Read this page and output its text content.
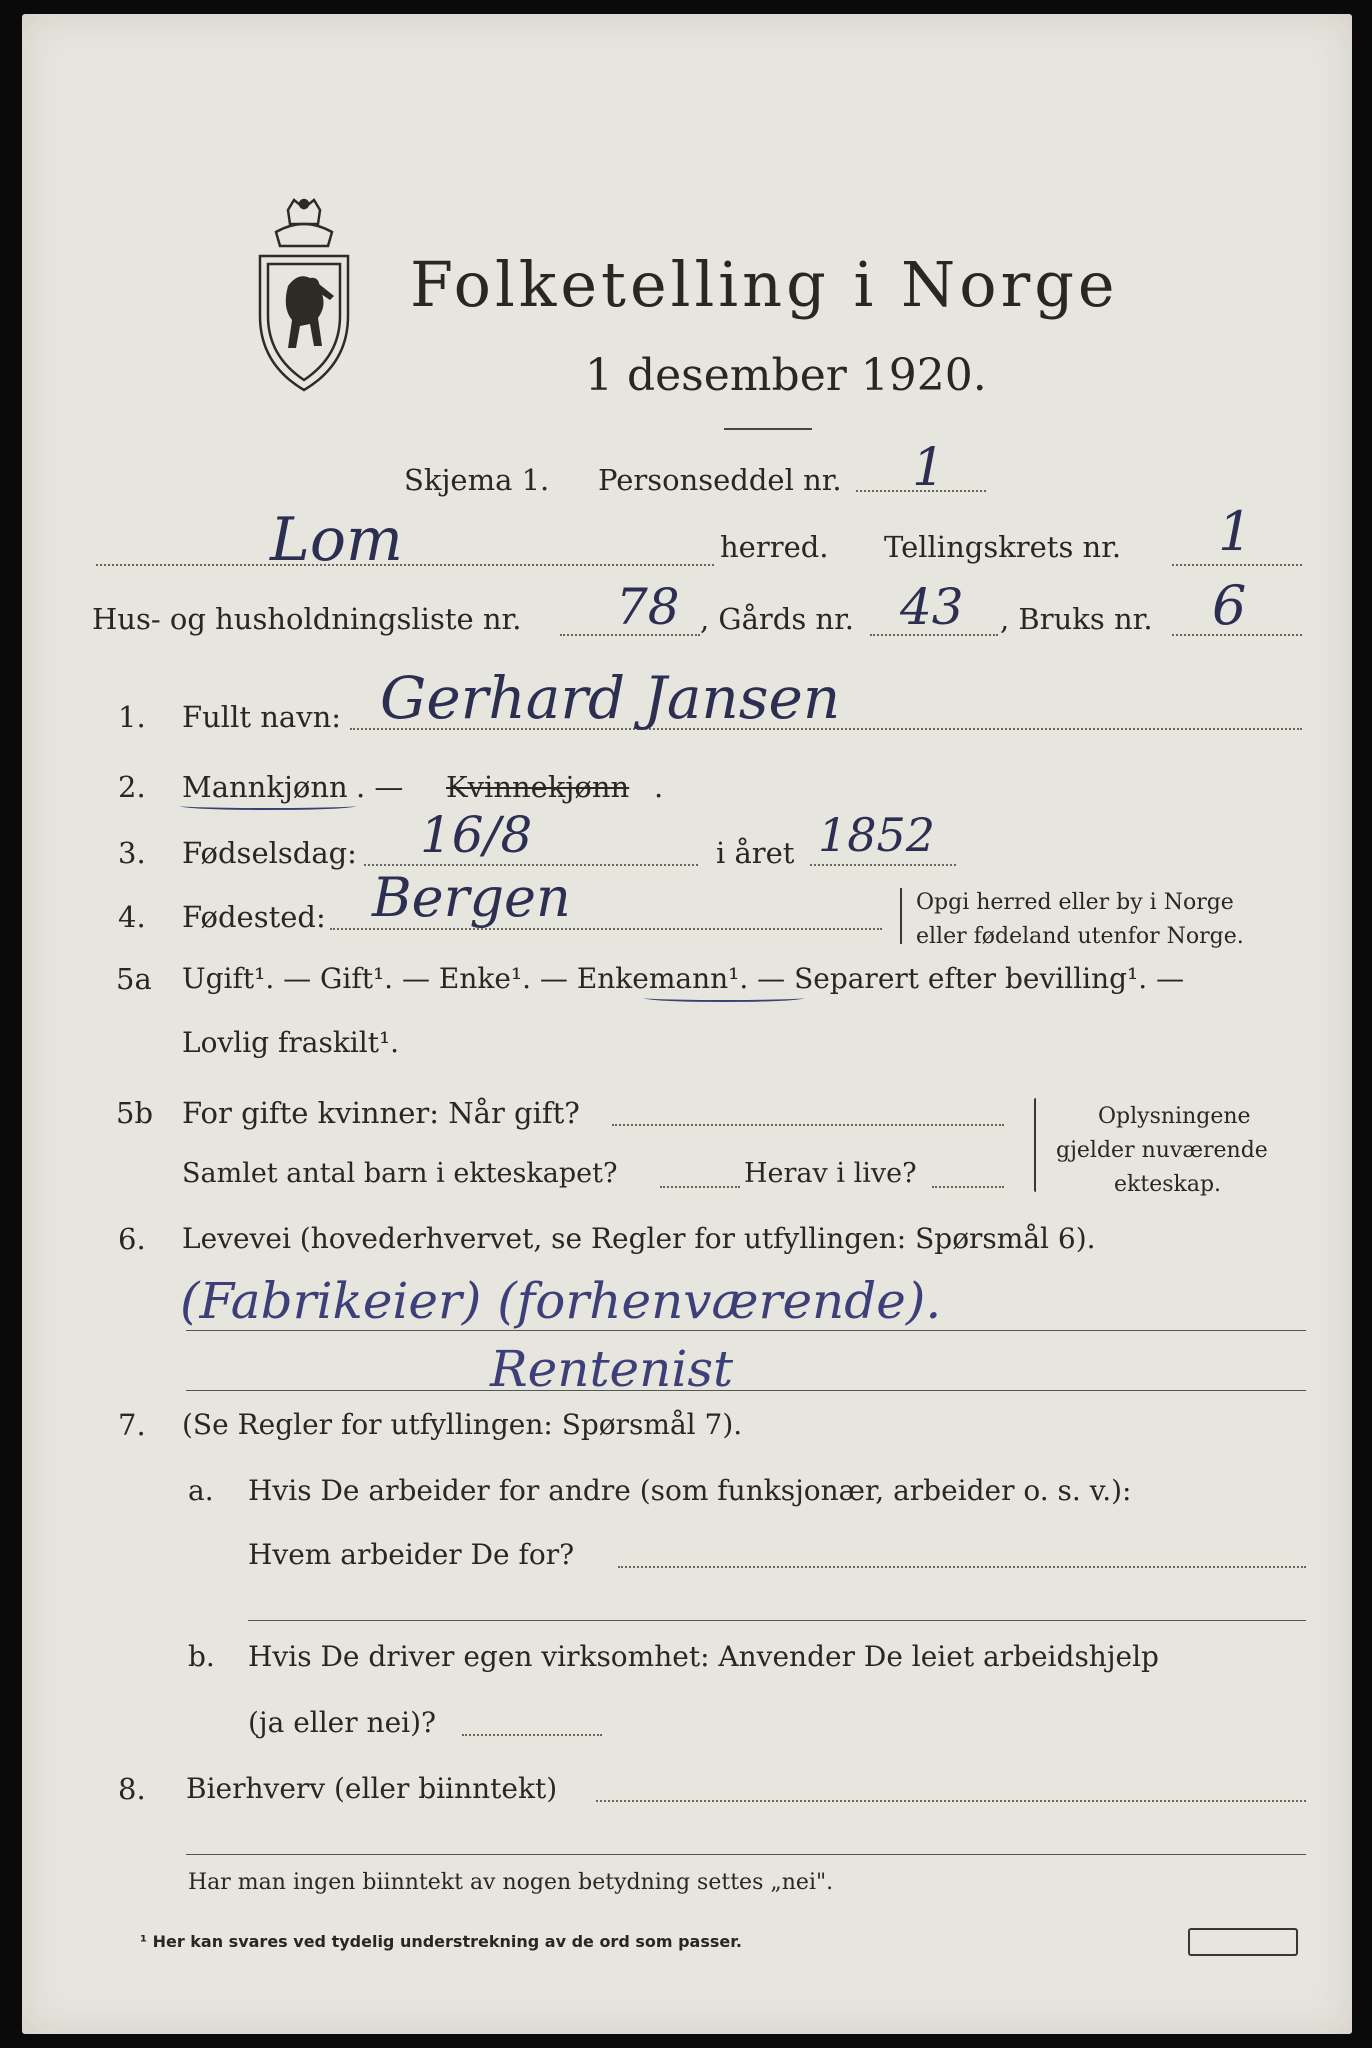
Folketelling i Norge
1 desember 1920.
Skjema 1. Personseddel nr. 1
Lom	herred. Tellingskrets nr. 1
Hus- og husholdningsliste nr. 78 , Gårds nr. 43 , Bruks nr. 6
1. Fullt navn: Gerhard Jansen
2. Mannkjønn . — Kvinnekjønn .
3. Fødselsdag: 16/8	i året 1852
4. Fødested: Bergen	Opgi herred eller by i Norge
eller fødeland utenfor Norge.
5a Ugift¹. — Gift¹. — Enke¹. — Enkemann¹. — Separert efter bevilling¹. —
Lovlig fraskilt¹.
5b For gifte kvinner: Når gift?
Samlet antal barn i ekteskapet?	Herav i live?
Oplysningene
gjelder nuværende
ekteskap.
6. Levevei (hovederhvervet, se Regler for utfyllingen: Spørsmål 6).
(Fabrikeier) (forhenværende).
Rentenist
7. (Se Regler for utfyllingen: Spørsmål 7).
a. Hvis De arbeider for andre (som funksjonær, arbeider o. s. v.):
Hvem arbeider De for?
b. Hvis De driver egen virksomhet: Anvender De leiet arbeidshjelp
(ja eller nei)?
8. Bierhverv (eller biinntekt)
Har man ingen biinntekt av nogen betydning settes „nei".
¹ Her kan svares ved tydelig understrekning av de ord som passer.
